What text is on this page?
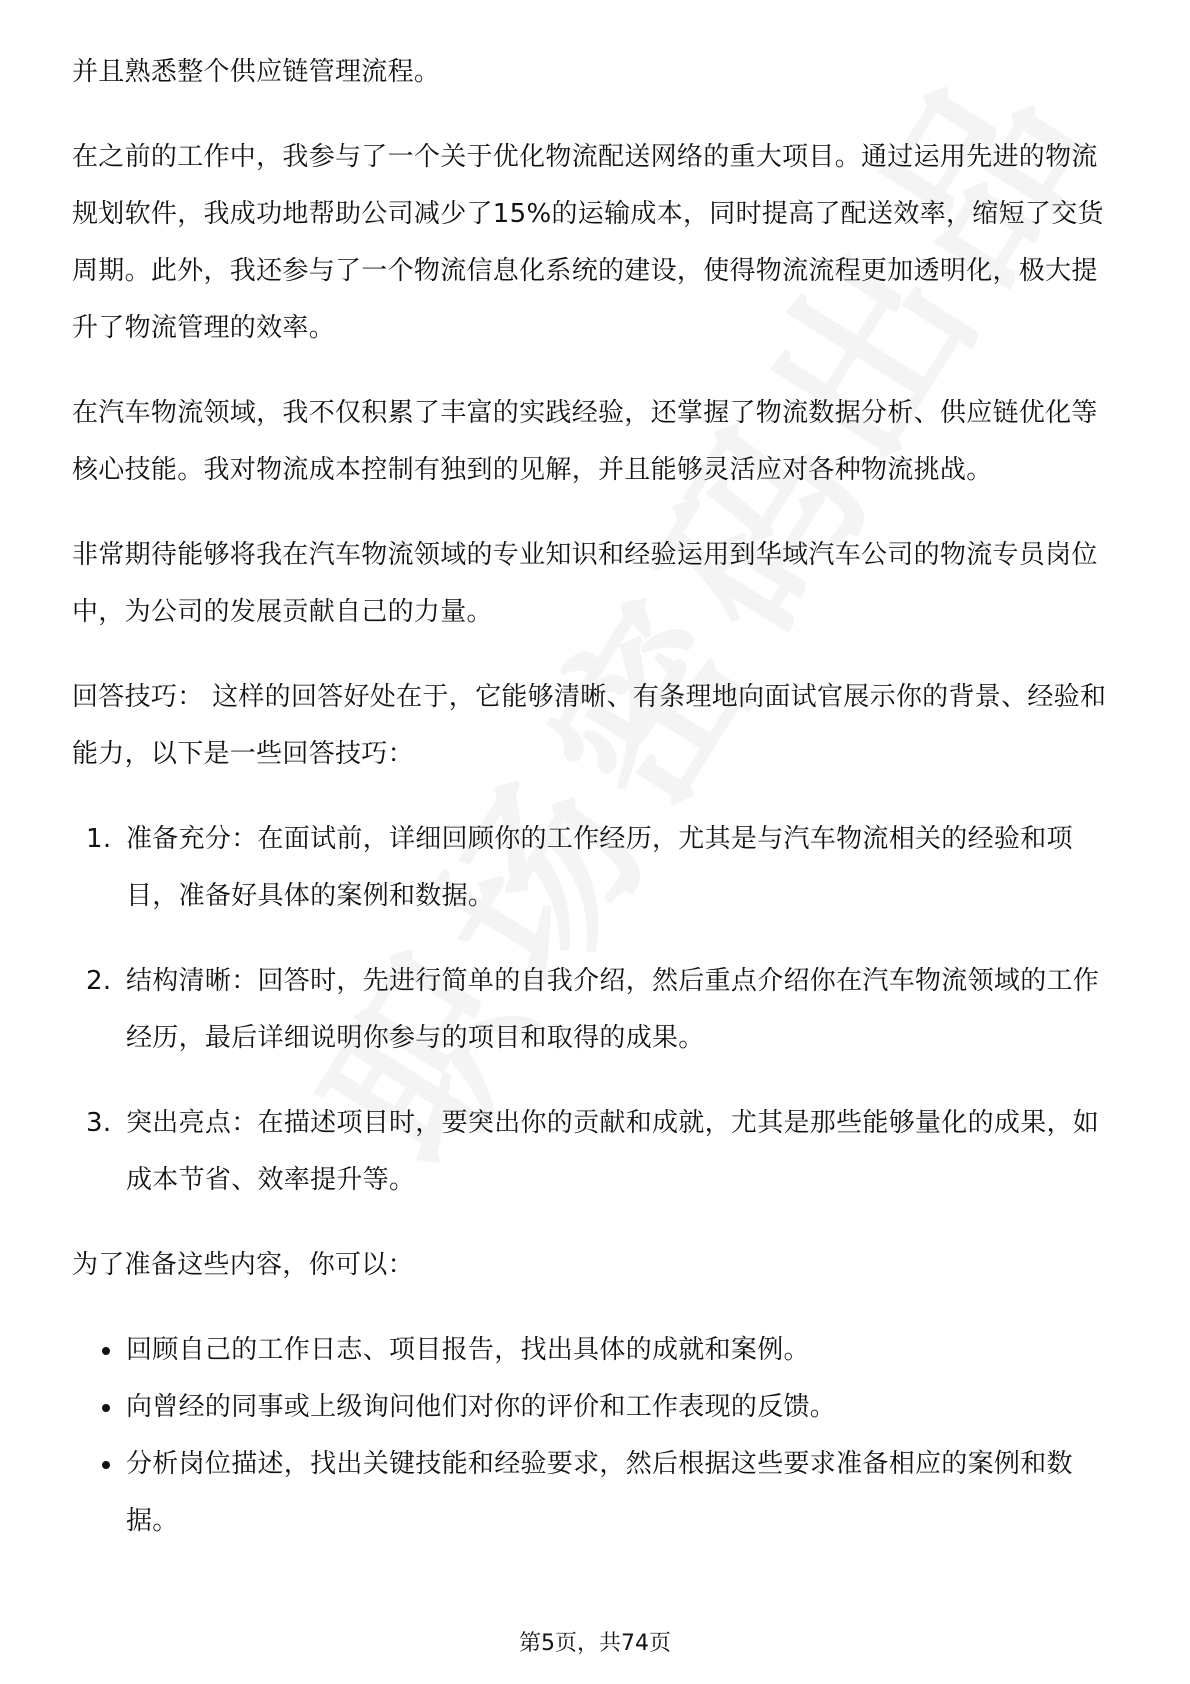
并且熟悉整个供应链管理流程。

在之前的工作中，我参与了一个关于优化物流配送网络的重大项目。通过运用先进的物流规划软件，我成功地帮助公司减少了15%的运输成本，同时提高了配送效率，缩短了交货周期。此外，我还参与了一个物流信息化系统的建设，使得物流流程更加透明化，极大提升了物流管理的效率。

在汽车物流领域，我不仅积累了丰富的实践经验，还掌握了物流数据分析、供应链优化等核心技能。我对物流成本控制有独到的见解，并且能够灵活应对各种物流挑战。

非常期待能够将我在汽车物流领域的专业知识和经验运用到华域汽车公司的物流专员岗位中，为公司的发展贡献自己的力量。

回答技巧： 这样的回答好处在于，它能够清晰、有条理地向面试官展示你的背景、经验和能力，以下是一些回答技巧：

1. 准备充分：在面试前，详细回顾你的工作经历，尤其是与汽车物流相关的经验和项目，准备好具体的案例和数据。
2. 结构清晰：回答时，先进行简单的自我介绍，然后重点介绍你在汽车物流领域的工作经历，最后详细说明你参与的项目和取得的成果。
3. 突出亮点：在描述项目时，要突出你的贡献和成就，尤其是那些能够量化的成果，如成本节省、效率提升等。

为了准备这些内容，你可以：

回顾自己的工作日志、项目报告，找出具体的成就和案例。
向曾经的同事或上级询问他们对你的评价和工作表现的反馈。
分析岗位描述，找出关键技能和经验要求，然后根据这些要求准备相应的案例和数据。
第5页，共74页
